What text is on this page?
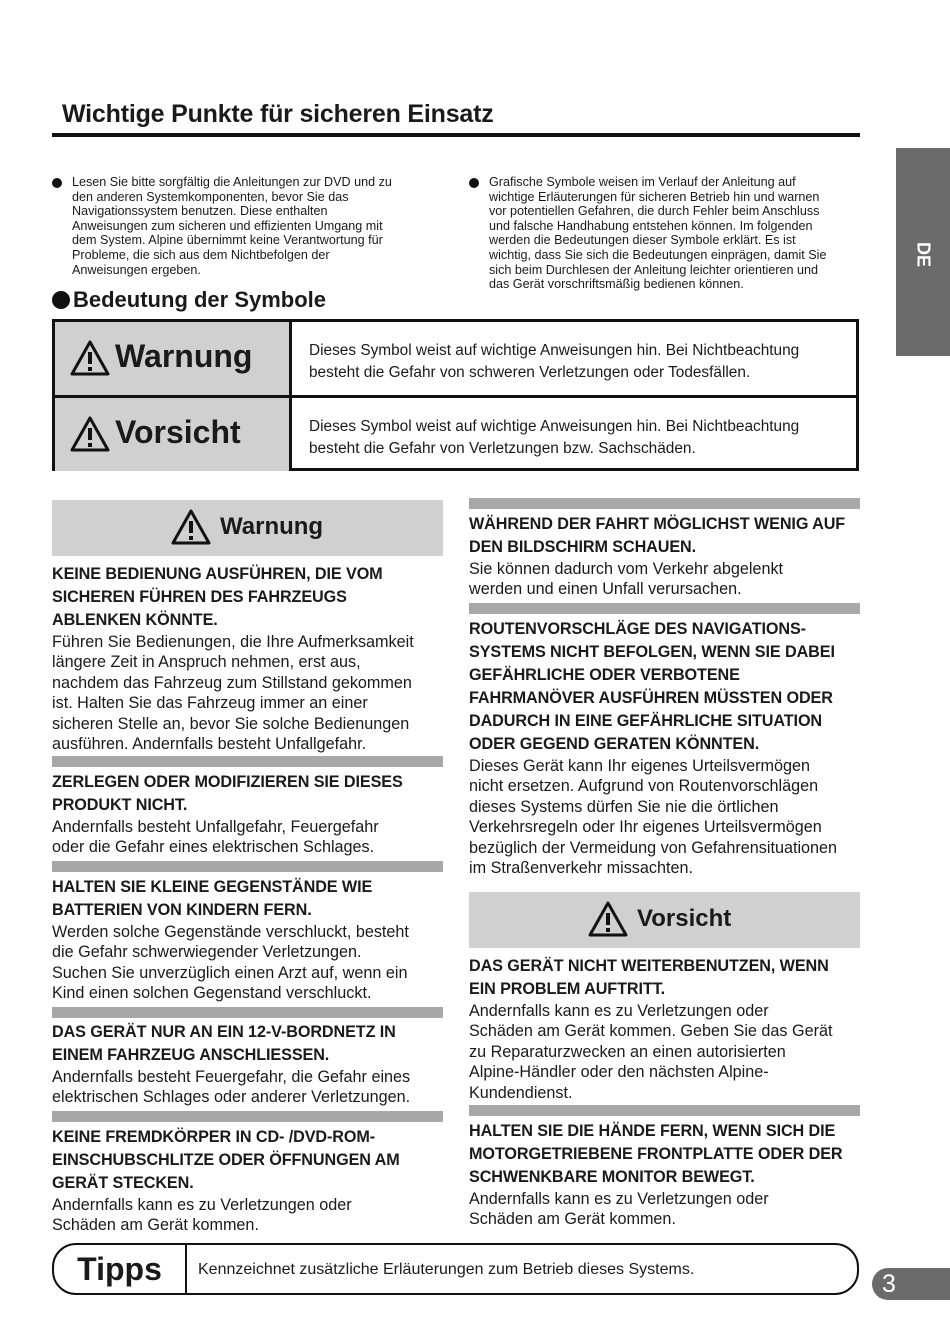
Wichtige Punkte für sicheren Einsatz
DE
Lesen Sie bitte sorgfältig die Anleitungen zur DVD und zu
den anderen Systemkomponenten, bevor Sie das
Navigationssystem benutzen. Diese enthalten
Anweisungen zum sicheren und effizienten Umgang mit
dem System. Alpine übernimmt keine Verantwortung für
Probleme, die sich aus dem Nichtbefolgen der
Anweisungen ergeben.
Grafische Symbole weisen im Verlauf der Anleitung auf
wichtige Erläuterungen für sicheren Betrieb hin und warnen
vor potentiellen Gefahren, die durch Fehler beim Anschluss
und falsche Handhabung entstehen können. Im folgenden
werden die Bedeutungen dieser Symbole erklärt. Es ist
wichtig, dass Sie sich die Bedeutungen einprägen, damit Sie
sich beim Durchlesen der Anleitung leichter orientieren und
das Gerät vorschriftsmäßig bedienen können.
Bedeutung der Symbole
Warnung	Dieses Symbol weist auf wichtige Anweisungen hin. Bei Nichtbeachtung
besteht die Gefahr von schweren Verletzungen oder Todesfällen.
Vorsicht	Dieses Symbol weist auf wichtige Anweisungen hin. Bei Nichtbeachtung
besteht die Gefahr von Verletzungen bzw. Sachschäden.
Warnung
KEINE BEDIENUNG AUSFÜHREN, DIE VOM
SICHEREN FÜHREN DES FAHRZEUGS
ABLENKEN KÖNNTE.
Führen Sie Bedienungen, die Ihre Aufmerksamkeit
längere Zeit in Anspruch nehmen, erst aus,
nachdem das Fahrzeug zum Stillstand gekommen
ist. Halten Sie das Fahrzeug immer an einer
sicheren Stelle an, bevor Sie solche Bedienungen
ausführen. Andernfalls besteht Unfallgefahr.
ZERLEGEN ODER MODIFIZIEREN SIE DIESES
PRODUKT NICHT.
Andernfalls besteht Unfallgefahr, Feuergefahr
oder die Gefahr eines elektrischen Schlages.
HALTEN SIE KLEINE GEGENSTÄNDE WIE
BATTERIEN VON KINDERN FERN.
Werden solche Gegenstände verschluckt, besteht
die Gefahr schwerwiegender Verletzungen.
Suchen Sie unverzüglich einen Arzt auf, wenn ein
Kind einen solchen Gegenstand verschluckt.
DAS GERÄT NUR AN EIN 12-V-BORDNETZ IN
EINEM FAHRZEUG ANSCHLIESSEN.
Andernfalls besteht Feuergefahr, die Gefahr eines
elektrischen Schlages oder anderer Verletzungen.
KEINE FREMDKÖRPER IN CD- /DVD-ROM-
EINSCHUBSCHLITZE ODER ÖFFNUNGEN AM
GERÄT STECKEN.
Andernfalls kann es zu Verletzungen oder
Schäden am Gerät kommen.
WÄHREND DER FAHRT MÖGLICHST WENIG AUF
DEN BILDSCHIRM SCHAUEN.
Sie können dadurch vom Verkehr abgelenkt
werden und einen Unfall verursachen.
ROUTENVORSCHLÄGE DES NAVIGATIONS-
SYSTEMS NICHT BEFOLGEN, WENN SIE DABEI
GEFÄHRLICHE ODER VERBOTENE
FAHRMANÖVER AUSFÜHREN MÜSSTEN ODER
DADURCH IN EINE GEFÄHRLICHE SITUATION
ODER GEGEND GERATEN KÖNNTEN.
Dieses Gerät kann Ihr eigenes Urteilsvermögen
nicht ersetzen. Aufgrund von Routenvorschlägen
dieses Systems dürfen Sie nie die örtlichen
Verkehrsregeln oder Ihr eigenes Urteilsvermögen
bezüglich der Vermeidung von Gefahrensituationen
im Straßenverkehr missachten.
Vorsicht
DAS GERÄT NICHT WEITERBENUTZEN, WENN
EIN PROBLEM AUFTRITT.
Andernfalls kann es zu Verletzungen oder
Schäden am Gerät kommen. Geben Sie das Gerät
zu Reparaturzwecken an einen autorisierten
Alpine-Händler oder den nächsten Alpine-
Kundendienst.
HALTEN SIE DIE HÄNDE FERN, WENN SICH DIE
MOTORGETRIEBENE FRONTPLATTE ODER DER
SCHWENKBARE MONITOR BEWEGT.
Andernfalls kann es zu Verletzungen oder
Schäden am Gerät kommen.
Tipps	Kennzeichnet zusätzliche Erläuterungen zum Betrieb dieses Systems.
3
